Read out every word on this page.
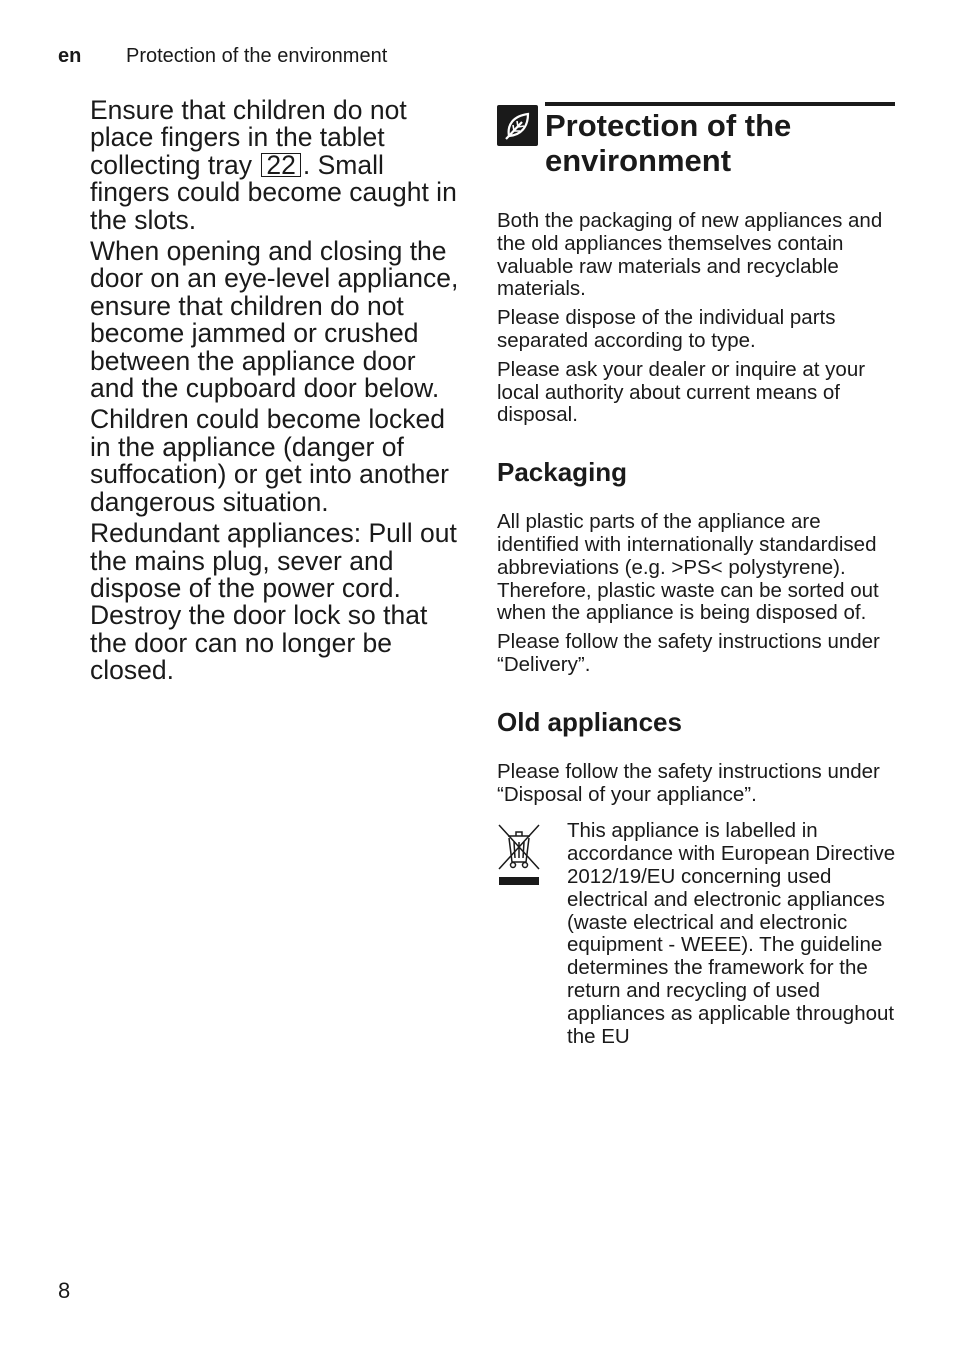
en Protection of the environment

Ensure that children do not place fingers in the tablet collecting tray 22 . Small fingers could become caught in the slots.

When opening and closing the door on an eye-level appliance, ensure that children do not become jammed or crushed between the appliance door and the cupboard door below.

Children could become locked in the appliance (danger of suffocation) or get into another dangerous situation.

Redundant appliances: Pull out the mains plug, sever and dispose of the power cord. Destroy the door lock so that the door can no longer be closed.

Protection of the
environment

Both the packaging of new appliances and the old appliances themselves contain valuable raw materials and recyclable materials.

Please dispose of the individual parts separated according to type.

Please ask your dealer or inquire at your local authority about current means of disposal.

Packaging

All plastic parts of the appliance are identified with internationally standardised abbreviations (e.g. >PS< polystyrene). Therefore, plastic waste can be sorted out when the appliance is being disposed of.

Please follow the safety instructions under “Delivery”.

Old appliances

Please follow the safety instructions under “Disposal of your appliance”.

This appliance is labelled in accordance with European Directive 2012/19/EU concerning used electrical and electronic appliances (waste electrical and electronic equipment - WEEE). The guideline determines the framework for the return and recycling of used appliances as applicable throughout the EU
8
